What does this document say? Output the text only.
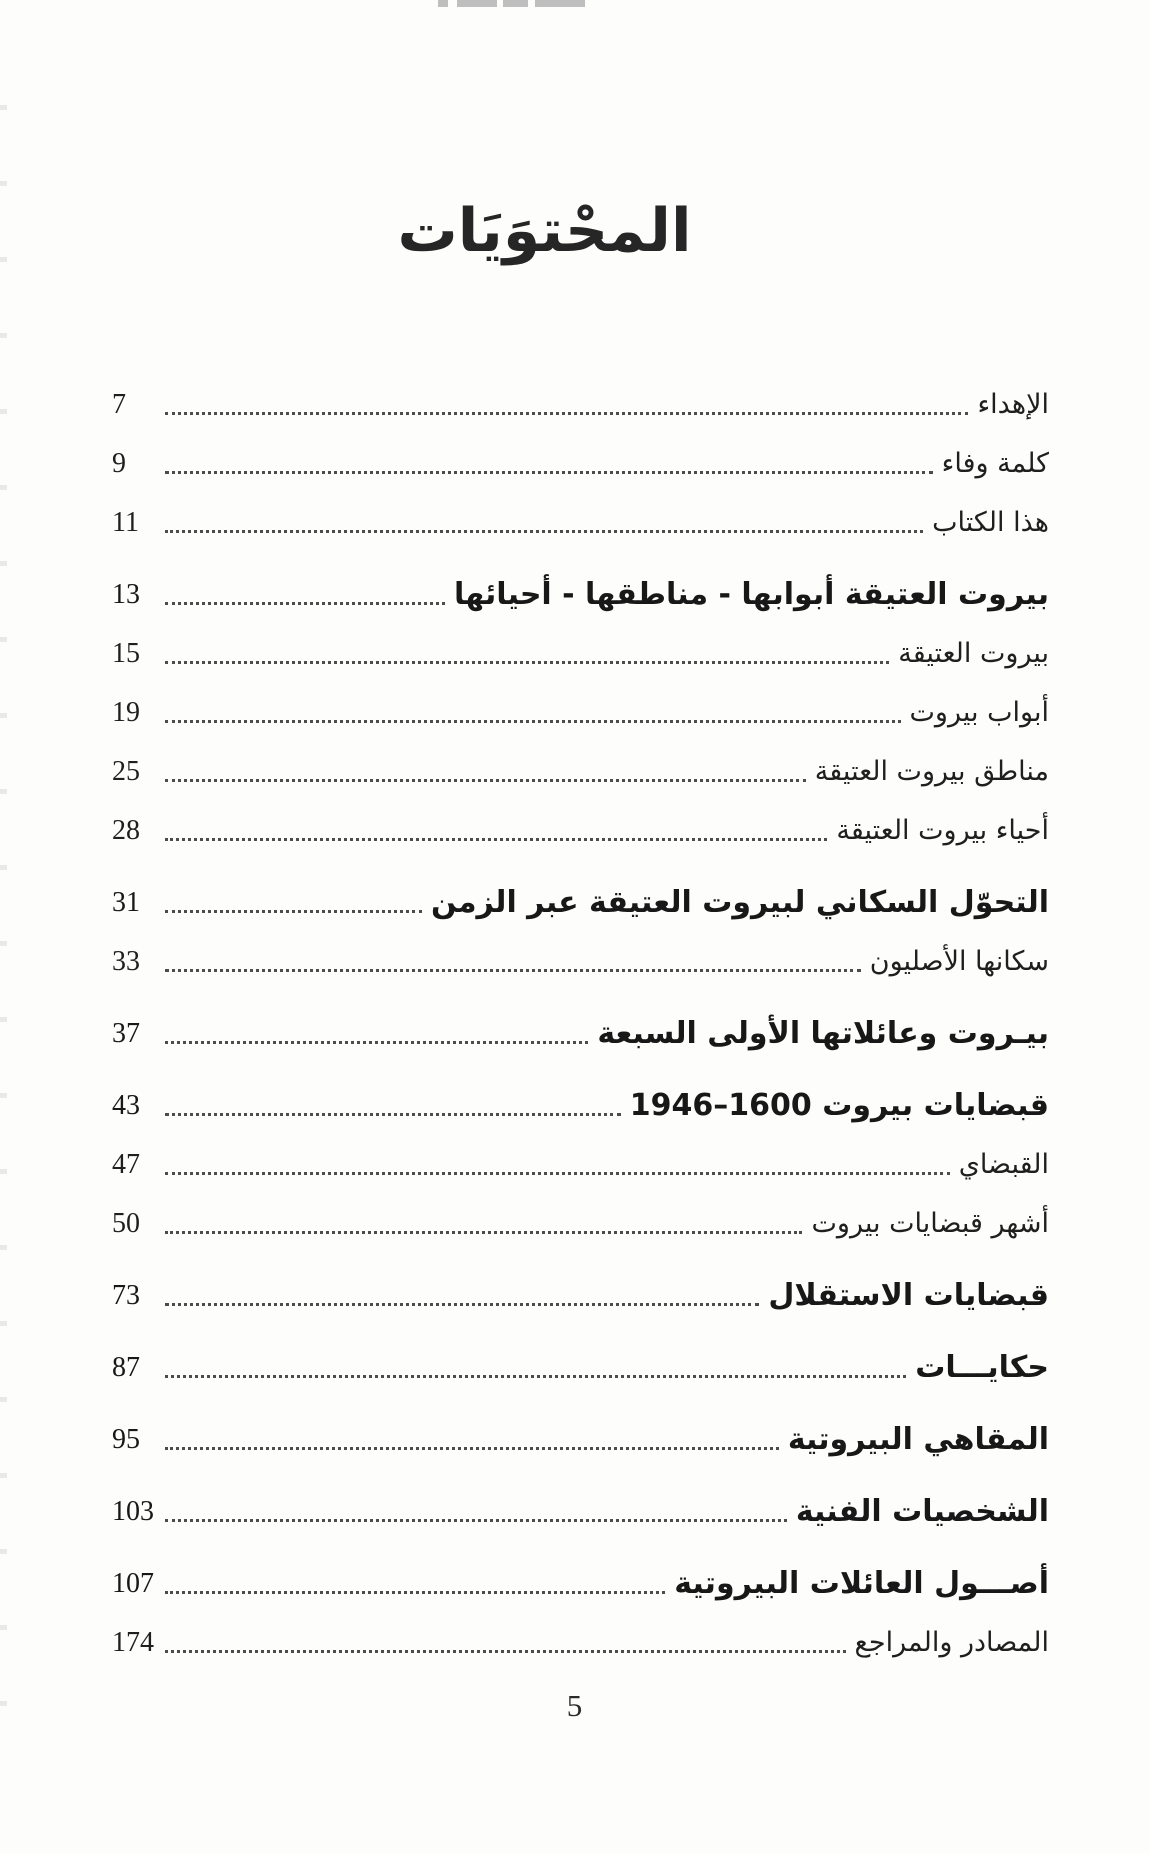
المحْتوَيَات
الإهداء
7
كلمة وفاء
9
هذا الكتاب
11
بيروت العتيقة أبوابها - مناطقها - أحيائها
13
بيروت العتيقة
15
أبواب بيروت
19
مناطق بيروت العتيقة
25
أحياء بيروت العتيقة
28
التحوّل السكاني لبيروت العتيقة عبر الزمن
31
سكانها الأصليون
33
بيـروت وعائلاتها الأولى السبعة
37
قبضايات بيروت 1600–1946
43
القبضاي
47
أشهر قبضايات بيروت
50
قبضايات الاستقلال
73
حكايـــات
87
المقاهي البيروتية
95
الشخصيات الفنية
103
أصـــول العائلات البيروتية
107
المصادر والمراجع
174
5
